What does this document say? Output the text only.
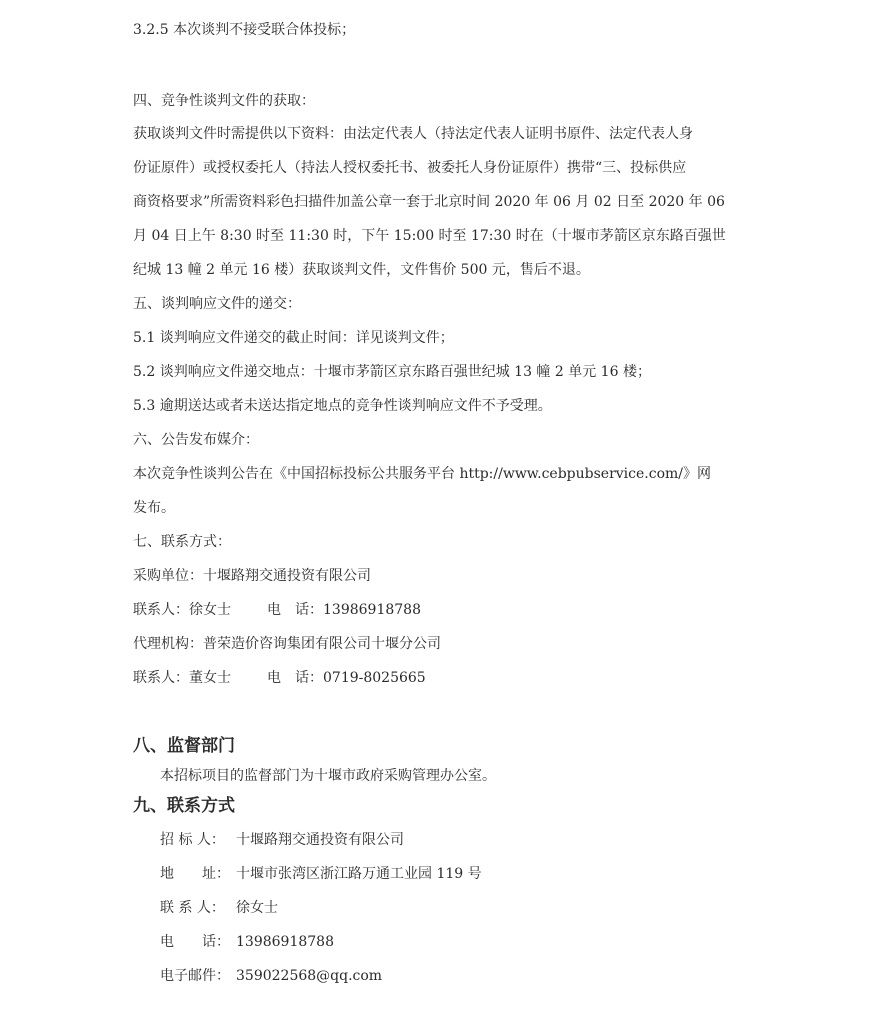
3.2.5 本次谈判不接受联合体投标；
四、竞争性谈判文件的获取：
获取谈判文件时需提供以下资料：由法定代表人（持法定代表人证明书原件、法定代表人身
份证原件）或授权委托人（持法人授权委托书、被委托人身份证原件）携带“三、投标供应
商资格要求”所需资料彩色扫描件加盖公章一套于北京时间 2020 年 06 月 02 日至 2020 年 06
月 04 日上午 8:30 时至 11:30 时，下午 15:00 时至 17:30 时在（十堰市茅箭区京东路百强世
纪城 13 幢 2 单元 16 楼）获取谈判文件，文件售价 500 元，售后不退。
五、谈判响应文件的递交：
5.1 谈判响应文件递交的截止时间：详见谈判文件；
5.2 谈判响应文件递交地点：十堰市茅箭区京东路百强世纪城 13 幢 2 单元 16 楼；
5.3 逾期送达或者未送达指定地点的竞争性谈判响应文件不予受理。
六、公告发布媒介：
本次竞争性谈判公告在《中国招标投标公共服务平台 http://www.cebpubservice.com/》网
发布。
七、联系方式：
采购单位：十堰路翔交通投资有限公司
联系人：徐女士	电　话：13986918788
代理机构：普荣造价咨询集团有限公司十堰分公司
联系人：董女士	电　话：0719-8025665
八、监督部门
本招标项目的监督部门为十堰市政府采购管理办公室。
九、联系方式
招 标 人： 十堰路翔交通投资有限公司
地　　址： 十堰市张湾区浙江路万通工业园 119 号
联 系 人： 徐女士
电　　话： 13986918788
电子邮件： 359022568@qq.com
